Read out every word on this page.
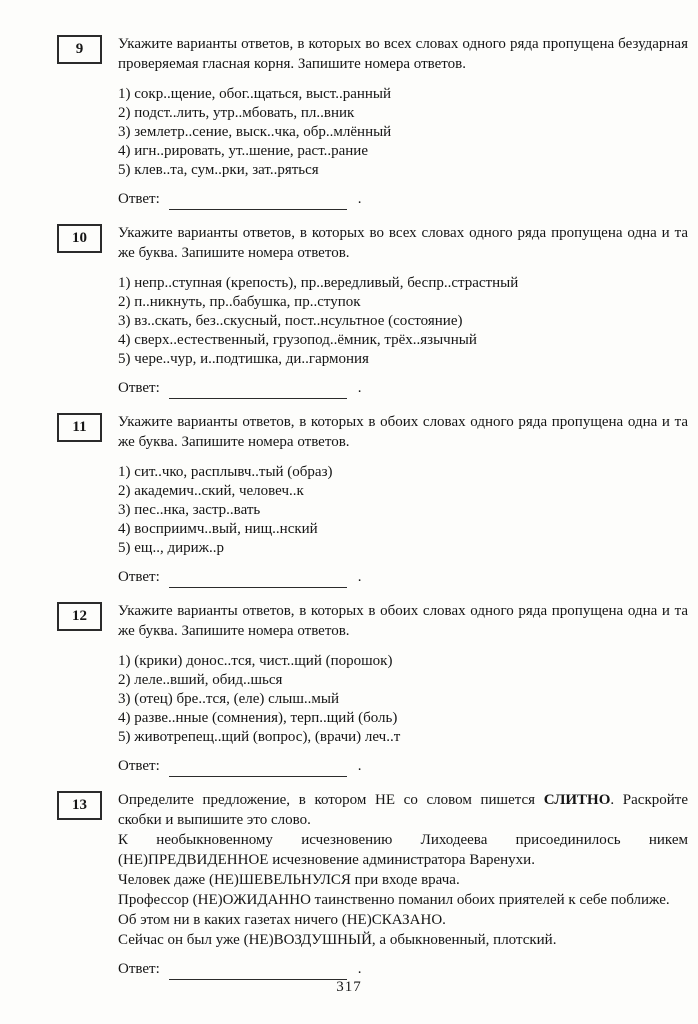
9 Укажите варианты ответов, в которых во всех словах одного ряда пропущена безударная проверяемая гласная корня. Запишите номера ответов.

1) сокр..щение, обог..щаться, выст..ранный
2) подст..лить, утр..мбовать, пл..вник
3) землетр..сение, выск..чка, обр..млённый
4) игн..рировать, ут..шение, раст..рание
5) клев..та, сум..рки, зат..ряться
Ответ:	.
10 Укажите варианты ответов, в которых во всех словах одного ряда пропущена одна и та же буква. Запишите номера ответов.

1) непр..ступная (крепость), пр..вередливый, беспр..страстный
2) п..никнуть, пр..бабушка, пр..ступок
3) вз..скать, без..скусный, пост..нсультное (состояние)
4) сверх..естественный, грузопод..ёмник, трёх..язычный
5) чере..чур, и..подтишка, ди..гармония
Ответ:	.
11 Укажите варианты ответов, в которых в обоих словах одного ряда пропущена одна и та же буква. Запишите номера ответов.

1) сит..чко, расплывч..тый (образ)
2) академич..ский, человеч..к
3) пес..нка, застр..вать
4) восприимч..вый, нищ..нский
5) ещ.., дириж..р
Ответ:	.
12 Укажите варианты ответов, в которых в обоих словах одного ряда пропущена одна и та же буква. Запишите номера ответов.

1) (крики) донос..тся, чист..щий (порошок)
2) леле..вший, обид..шься
3) (отец) бре..тся, (еле) слыш..мый
4) разве..нные (сомнения), терп..щий (боль)
5) животрепещ..щий (вопрос), (врачи) леч..т
Ответ:	.
13 Определите предложение, в котором НЕ со словом пишется СЛИТНО. Раскройте скобки и выпишите это слово.

К необыкновенному исчезновению Лиходеева присоединилось никем (НЕ)ПРЕДВИДЕННОЕ исчезновение администратора Варенухи.

Человек даже (НЕ)ШЕВЕЛЬНУЛСЯ при входе врача.

Профессор (НЕ)ОЖИДАННО таинственно поманил обоих приятелей к себе поближе.

Об этом ни в каких газетах ничего (НЕ)СКАЗАНО.

Сейчас он был уже (НЕ)ВОЗДУШНЫЙ, а обыкновенный, плотский.

Ответ:	.
317
